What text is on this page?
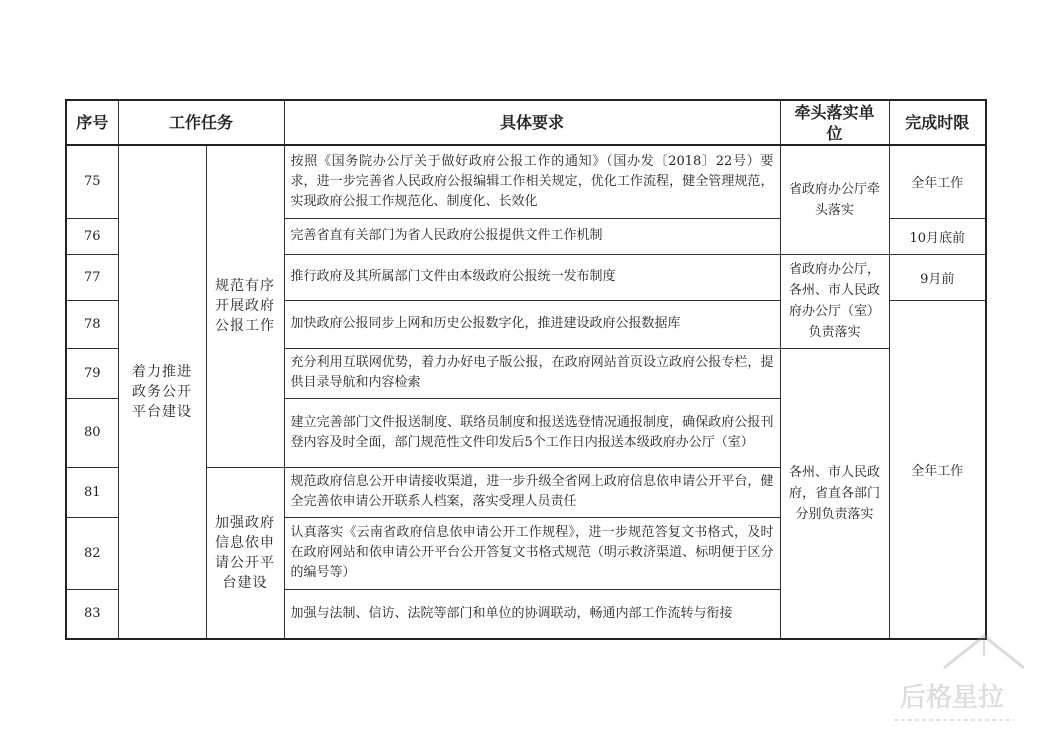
序号	工作任务		具体要求	牵头落实单位	完成时限
75	着力推进政务公开平台建设	规范有序开展政府公报工作	按照《国务院办公厅关于做好政府公报工作的通知》（国办发〔2018〕22号）要求，进一步完善省人民政府公报编辑工作相关规定，优化工作流程，健全管理规范，实现政府公报工作规范化、制度化、长效化	省政府办公厅牵头落实	全年工作
76			完善省直有关部门为省人民政府公报提供文件工作机制		10月底前
77			推行政府及其所属部门文件由本级政府公报统一发布制度	省政府办公厅，各州、市人民政府办公厅（室）负责落实	9月前
78			加快政府公报同步上网和历史公报数字化，推进建设政府公报数据库		全年工作
79			充分利用互联网优势，着力办好电子版公报，在政府网站首页设立政府公报专栏，提供目录导航和内容检索	各州、市人民政府，省直各部门分别负责落实	
80			建立完善部门文件报送制度、联络员制度和报送选登情况通报制度，确保政府公报刊登内容及时全面，部门规范性文件印发后5个工作日内报送本级政府办公厅（室）		
81		加强政府信息依申请公开平台建设	规范政府信息公开申请接收渠道，进一步升级全省网上政府信息依申请公开平台，健全完善依申请公开联系人档案，落实受理人员责任		
82			认真落实《云南省政府信息依申请公开工作规程》，进一步规范答复文书格式，及时在政府网站和依申请公开平台公开答复文书格式规范（明示救济渠道、标明便于区分的编号等）		
83			加强与法制、信访、法院等部门和单位的协调联动，畅通内部工作流转与衔接		
后格星拉
